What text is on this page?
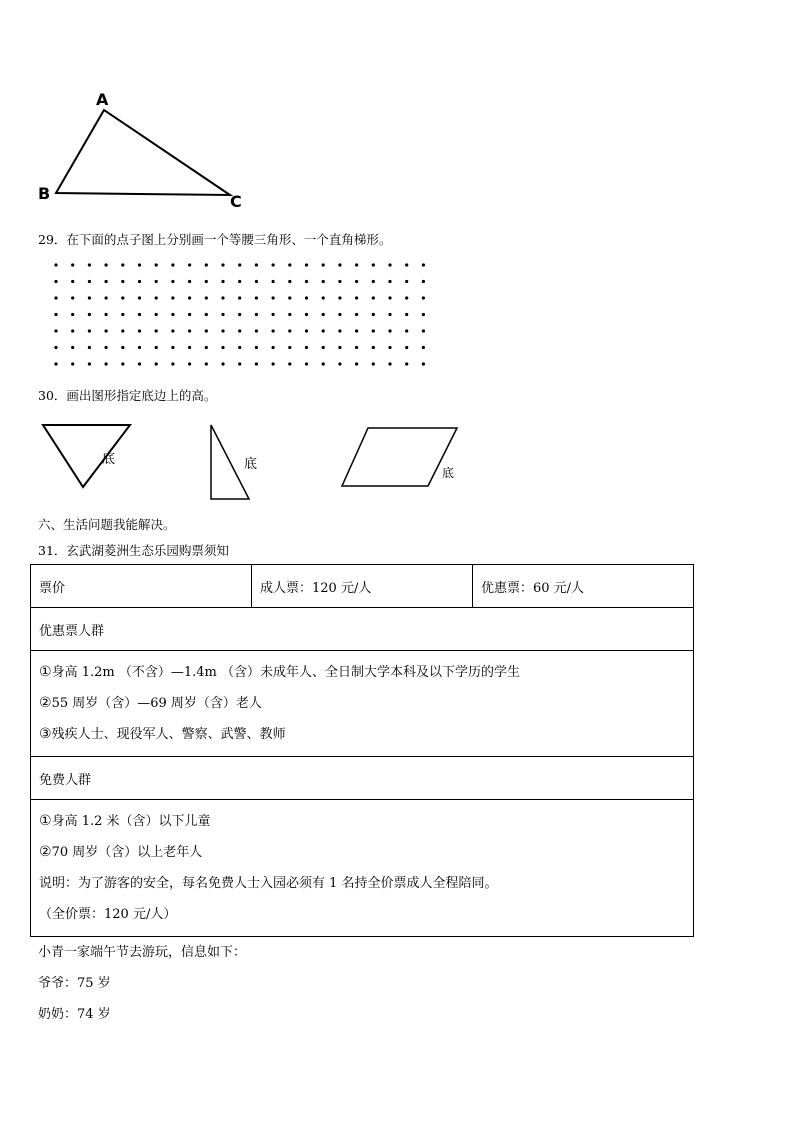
A
B	C
29．在下面的点子图上分别画一个等腰三角形、一个直角梯形。
30．画出图形指定底边上的高。
底	底
底
六、生活问题我能解决。
31．玄武湖菱洲生态乐园购票须知
票价	成人票：120 元/人	优惠票：60 元/人
优惠票人群

①身高 1.2m （不含）—1.4m （含）未成年人、全日制大学本科及以下学历的学生
②55 周岁（含）—69 周岁（含）老人
③残疾人士、现役军人、警察、武警、教师

免费人群

①身高 1.2 米（含）以下儿童
②70 周岁（含）以上老年人
说明：为了游客的安全，每名免费人士入园必须有 1 名持全价票成人全程陪同。
（全价票：120 元/人）
小青一家端午节去游玩，信息如下：
爷爷：75 岁
奶奶：74 岁
